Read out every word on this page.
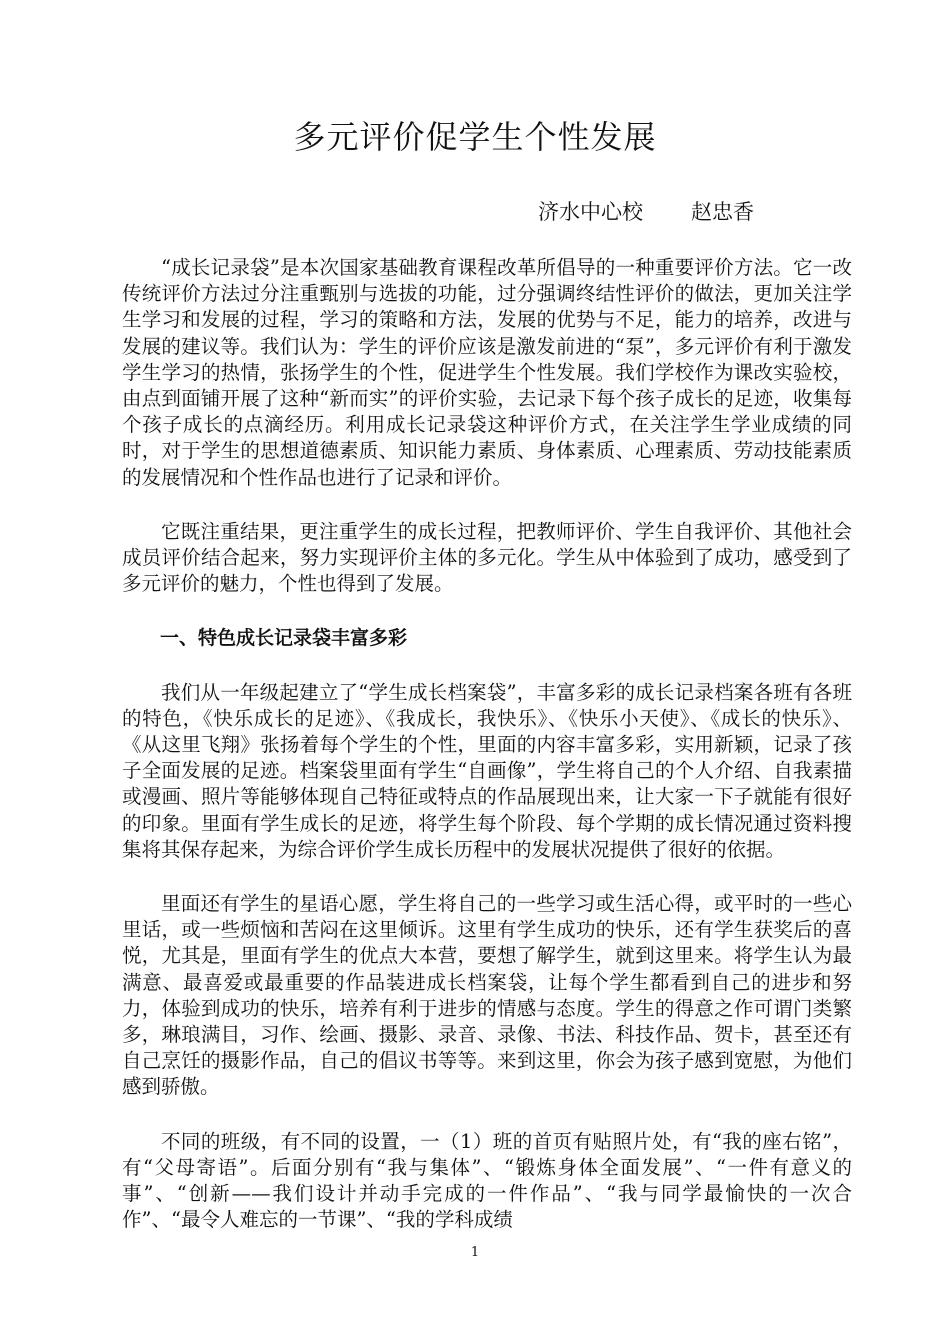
多元评价促学生个性发展
济水中心校 赵忠香

“成长记录袋”是本次国家基础教育课程改革所倡导的一种重要评价方法。它一改传统评价方法过分注重甄别与选拔的功能，过分强调终结性评价的做法，更加关注学生学习和发展的过程，学习的策略和方法，发展的优势与不足，能力的培养，改进与发展的建议等。我们认为：学生的评价应该是激发前进的“泵”，多元评价有利于激发学生学习的热情，张扬学生的个性，促进学生个性发展。我们学校作为课改实验校，由点到面铺开展了这种“新而实”的评价实验，去记录下每个孩子成长的足迹，收集每个孩子成长的点滴经历。利用成长记录袋这种评价方式，在关注学生学业成绩的同时，对于学生的思想道德素质、知识能力素质、身体素质、心理素质、劳动技能素质的发展情况和个性作品也进行了记录和评价。

它既注重结果，更注重学生的成长过程，把教师评价、学生自我评价、其他社会成员评价结合起来，努力实现评价主体的多元化。学生从中体验到了成功，感受到了多元评价的魅力，个性也得到了发展。

一、特色成长记录袋丰富多彩

我们从一年级起建立了“学生成长档案袋”，丰富多彩的成长记录档案各班有各班的特色，《快乐成长的足迹》、《我成长，我快乐》、《快乐小天使》、《成长的快乐》、《从这里飞翔》张扬着每个学生的个性，里面的内容丰富多彩，实用新颖，记录了孩子全面发展的足迹。档案袋里面有学生“自画像”，学生将自己的个人介绍、自我素描或漫画、照片等能够体现自己特征或特点的作品展现出来，让大家一下子就能有很好的印象。里面有学生成长的足迹，将学生每个阶段、每个学期的成长情况通过资料搜集将其保存起来，为综合评价学生成长历程中的发展状况提供了很好的依据。

里面还有学生的星语心愿，学生将自己的一些学习或生活心得，或平时的一些心里话，或一些烦恼和苦闷在这里倾诉。这里有学生成功的快乐，还有学生获奖后的喜悦，尤其是，里面有学生的优点大本营，要想了解学生，就到这里来。将学生认为最满意、最喜爱或最重要的作品装进成长档案袋，让每个学生都看到自己的进步和努力，体验到成功的快乐，培养有利于进步的情感与态度。学生的得意之作可谓门类繁多，琳琅满目，习作、绘画、摄影、录音、录像、书法、科技作品、贺卡，甚至还有自己烹饪的摄影作品，自己的倡议书等等。来到这里，你会为孩子感到宽慰，为他们感到骄傲。

不同的班级，有不同的设置，一（1）班的首页有贴照片处，有“我的座右铭”，有“父母寄语”。后面分别有“我与集体”、“锻炼身体全面发展”、“一件有意义的事”、“创新——我们设计并动手完成的一件作品”、“我与同学最愉快的一次合作”、“最令人难忘的一节课”、“我的学科成绩

1
